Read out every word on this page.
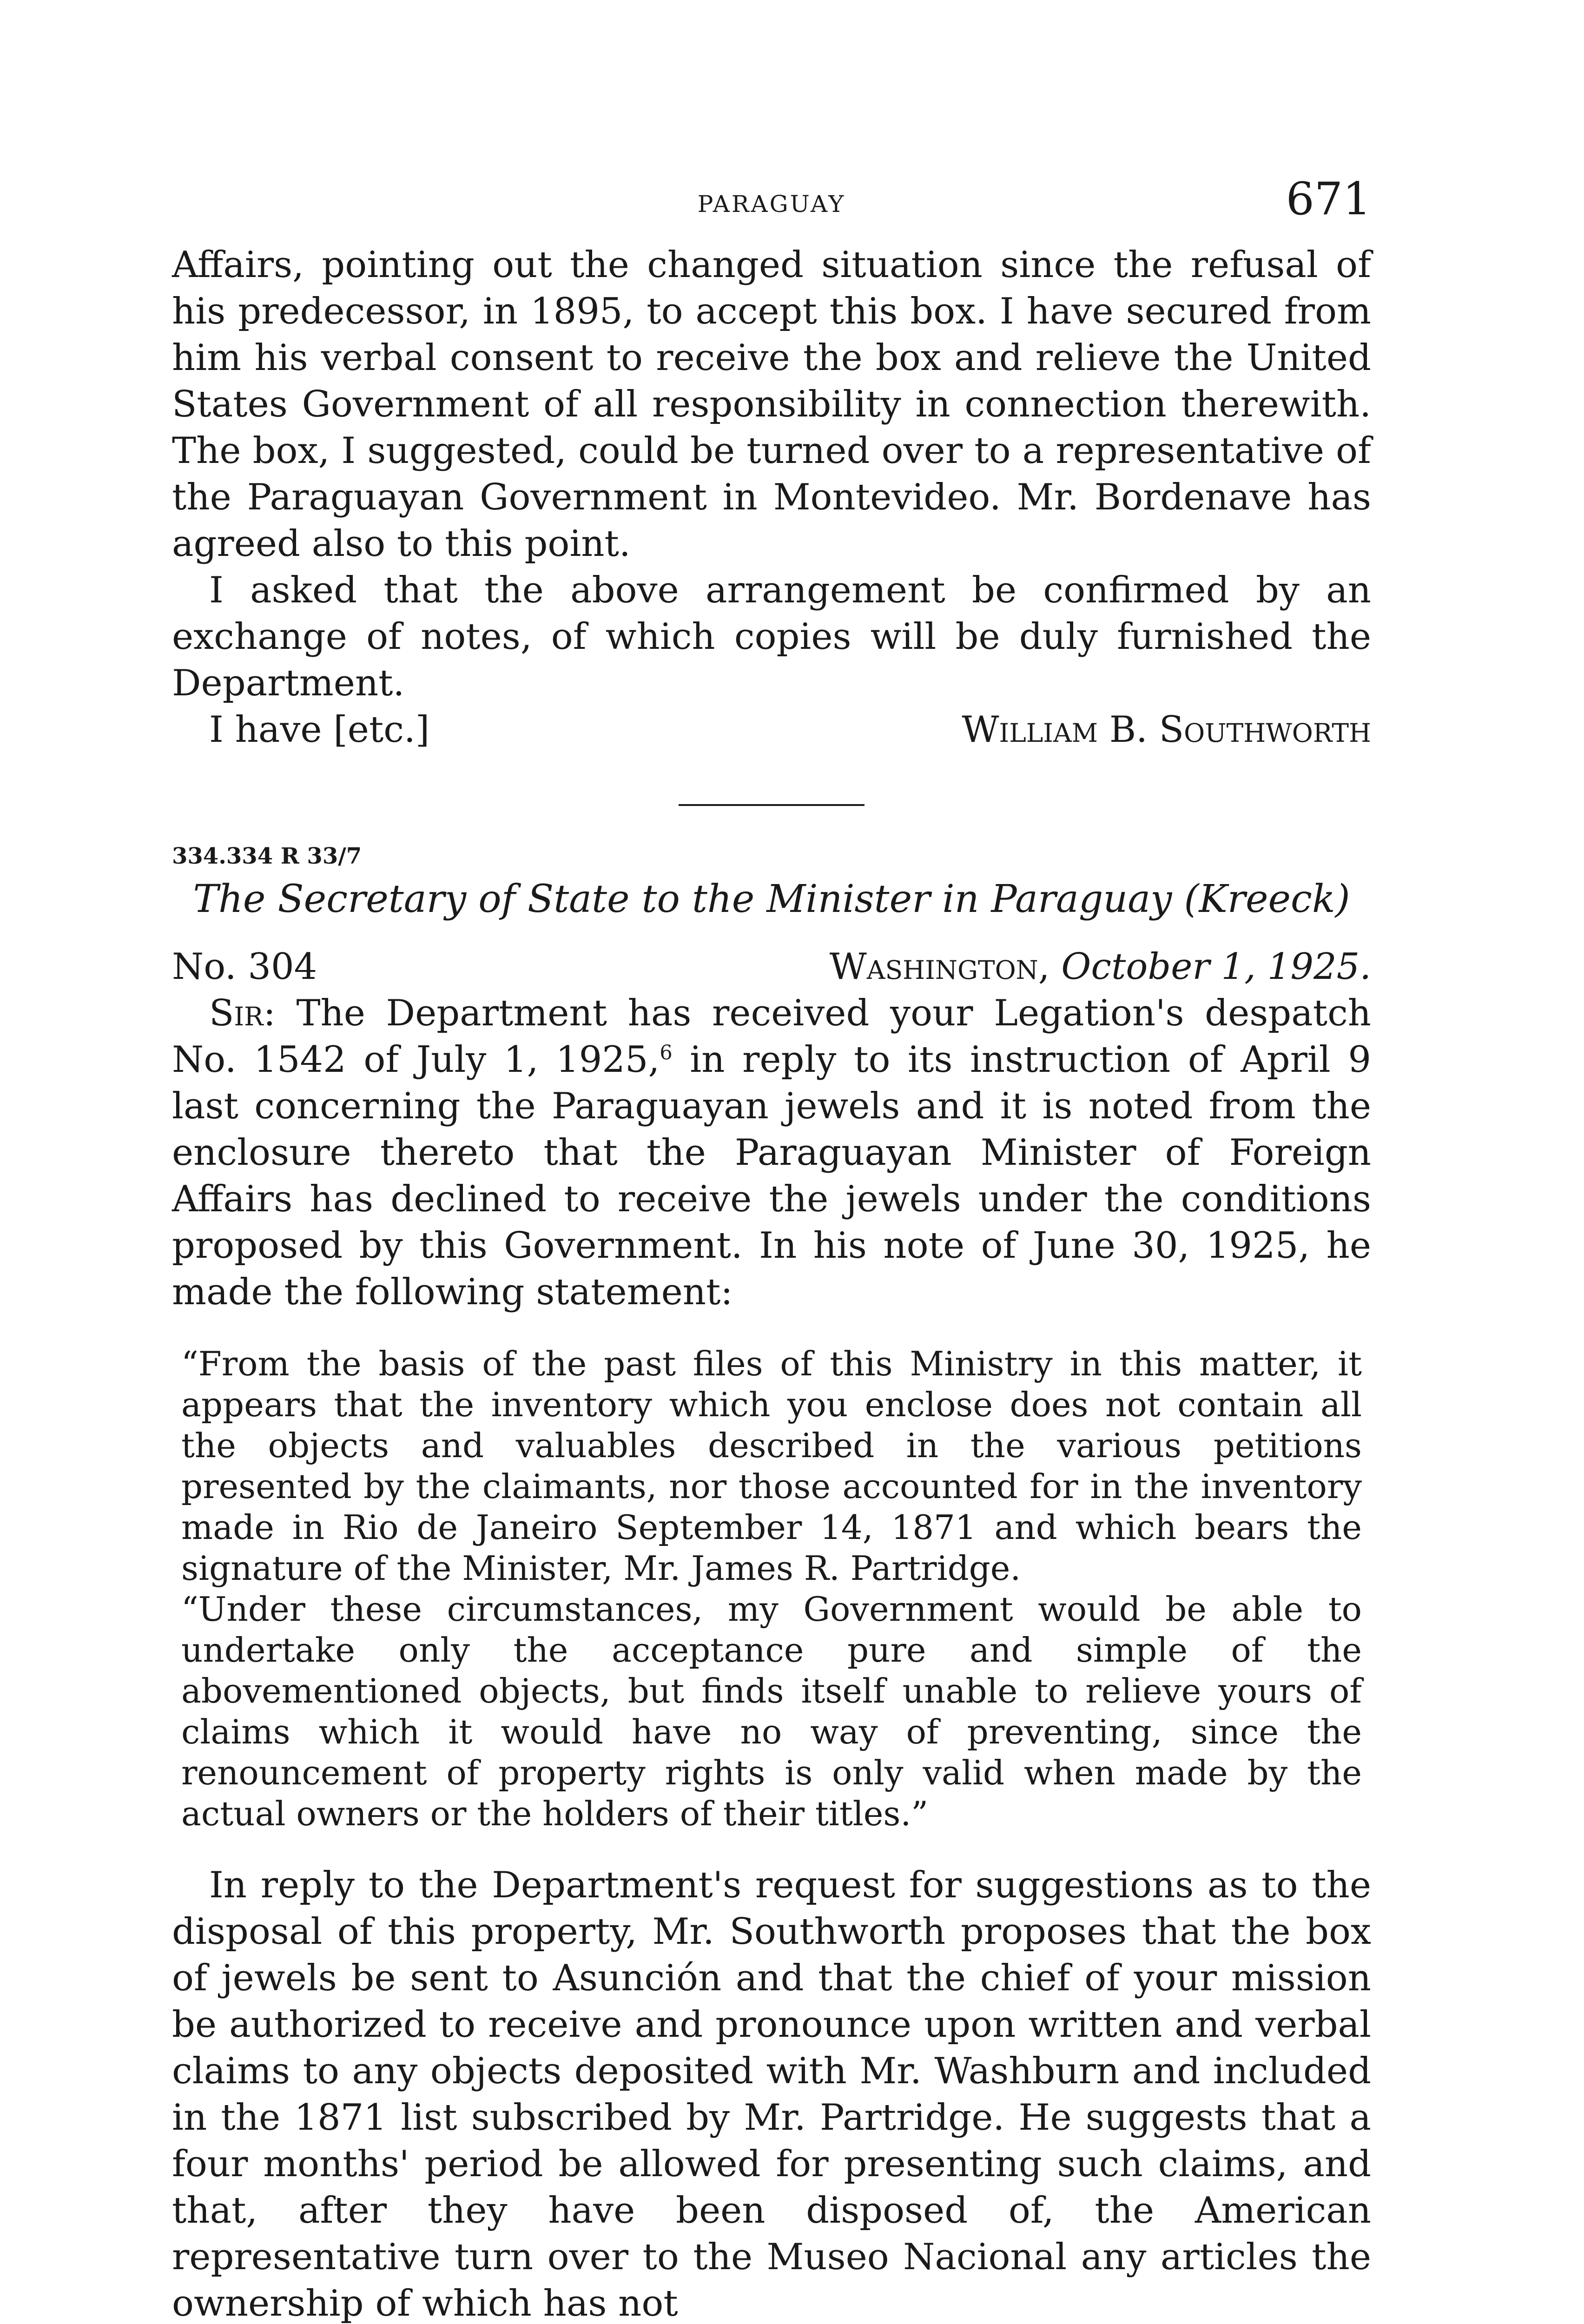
PARAGUAY	671

Affairs, pointing out the changed situation since the refusal of his predecessor, in 1895, to accept this box. I have secured from him his verbal consent to receive the box and relieve the United States Government of all responsibility in connection therewith. The box, I suggested, could be turned over to a representative of the Paraguayan Government in Montevideo. Mr. Bordenave has agreed also to this point.

I asked that the above arrangement be confirmed by an exchange of notes, of which copies will be duly furnished the Department.

I have [etc.]	William B. Southworth
334.334 R 33/7
The Secretary of State to the Minister in Paraguay (Kreeck)
No. 304	Washington, October 1, 1925.

Sir: The Department has received your Legation's despatch No. 1542 of July 1, 1925,$^6$ in reply to its instruction of April 9 last concerning the Paraguayan jewels and it is noted from the enclosure thereto that the Paraguayan Minister of Foreign Affairs has declined to receive the jewels under the conditions proposed by this Government. In his note of June 30, 1925, he made the following statement:

“From the basis of the past files of this Ministry in this matter, it appears that the inventory which you enclose does not contain all the objects and valuables described in the various petitions presented by the claimants, nor those accounted for in the inventory made in Rio de Janeiro September 14, 1871 and which bears the signature of the Minister, Mr. James R. Partridge.

“Under these circumstances, my Government would be able to undertake only the acceptance pure and simple of the abovementioned objects, but finds itself unable to relieve yours of claims which it would have no way of preventing, since the renouncement of property rights is only valid when made by the actual owners or the holders of their titles.”

In reply to the Department's request for suggestions as to the disposal of this property, Mr. Southworth proposes that the box of jewels be sent to Asunción and that the chief of your mission be authorized to receive and pronounce upon written and verbal claims to any objects deposited with Mr. Washburn and included in the 1871 list subscribed by Mr. Partridge. He suggests that a four months' period be allowed for presenting such claims, and that, after they have been disposed of, the American representative turn over to the Museo Nacional any articles the ownership of which has not
